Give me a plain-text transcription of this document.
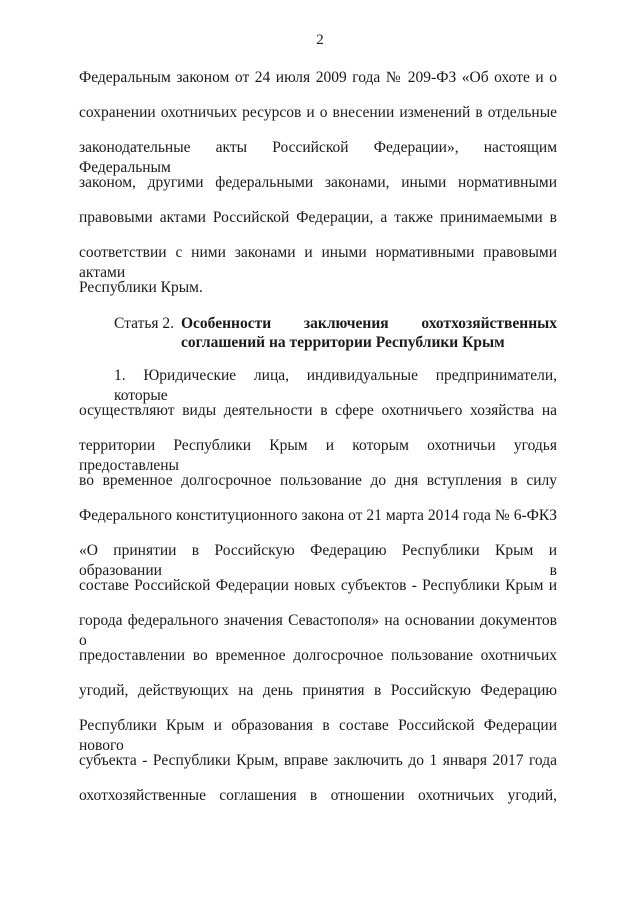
2
Федеральным законом от 24 июля 2009 года № 209-ФЗ «Об охоте и о
сохранении охотничьих ресурсов и о внесении изменений в отдельные
законодательные акты Российской Федерации», настоящим Федеральным
законом, другими федеральными законами, иными нормативными
правовыми актами Российской Федерации, а также принимаемыми в
соответствии с ними законами и иными нормативными правовыми актами
Республики Крым.
Статья 2. Особенности заключения охотхозяйственных
соглашений на территории Республики Крым
1. Юридические лица, индивидуальные предприниматели, которые
осуществляют виды деятельности в сфере охотничьего хозяйства на
территории Республики Крым и которым охотничьи угодья предоставлены
во временное долгосрочное пользование до дня вступления в силу
Федерального конституционного закона от 21 марта 2014 года № 6-ФКЗ
«О принятии в Российскую Федерацию Республики Крым и образовании в
составе Российской Федерации новых субъектов - Республики Крым и
города федерального значения Севастополя» на основании документов о
предоставлении во временное долгосрочное пользование охотничьих
угодий, действующих на день принятия в Российскую Федерацию
Республики Крым и образования в составе Российской Федерации нового
субъекта - Республики Крым, вправе заключить до 1 января 2017 года
охотхозяйственные соглашения в отношении охотничьих угодий,
